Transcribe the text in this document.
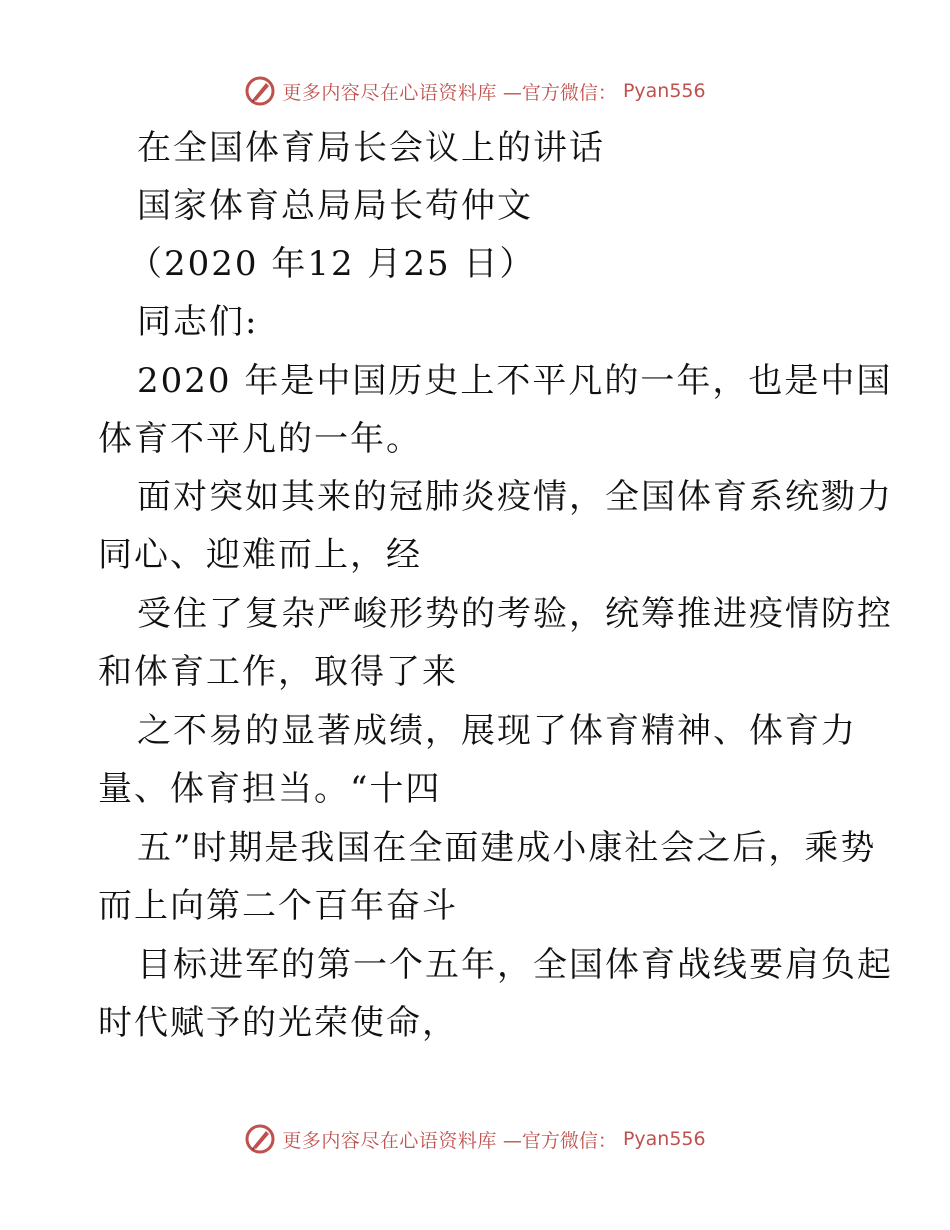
更多内容尽在心语资料库 —官方微信： Pyan556
在全国体育局长会议上的讲话
国家体育总局局长苟仲文
（2020 年12 月25 日）
同志们:
2020 年是中国历史上不平凡的一年，也是中国
体育不平凡的一年。
面对突如其来的冠肺炎疫情，全国体育系统勠力
同心、迎难而上，经
受住了复杂严峻形势的考验，统筹推进疫情防控
和体育工作，取得了来
之不易的显著成绩，展现了体育精神、体育力
量、体育担当。“十四
五”时期是我国在全面建成小康社会之后，乘势
而上向第二个百年奋斗
目标进军的第一个五年，全国体育战线要肩负起
时代赋予的光荣使命，
更多内容尽在心语资料库 —官方微信： Pyan556
